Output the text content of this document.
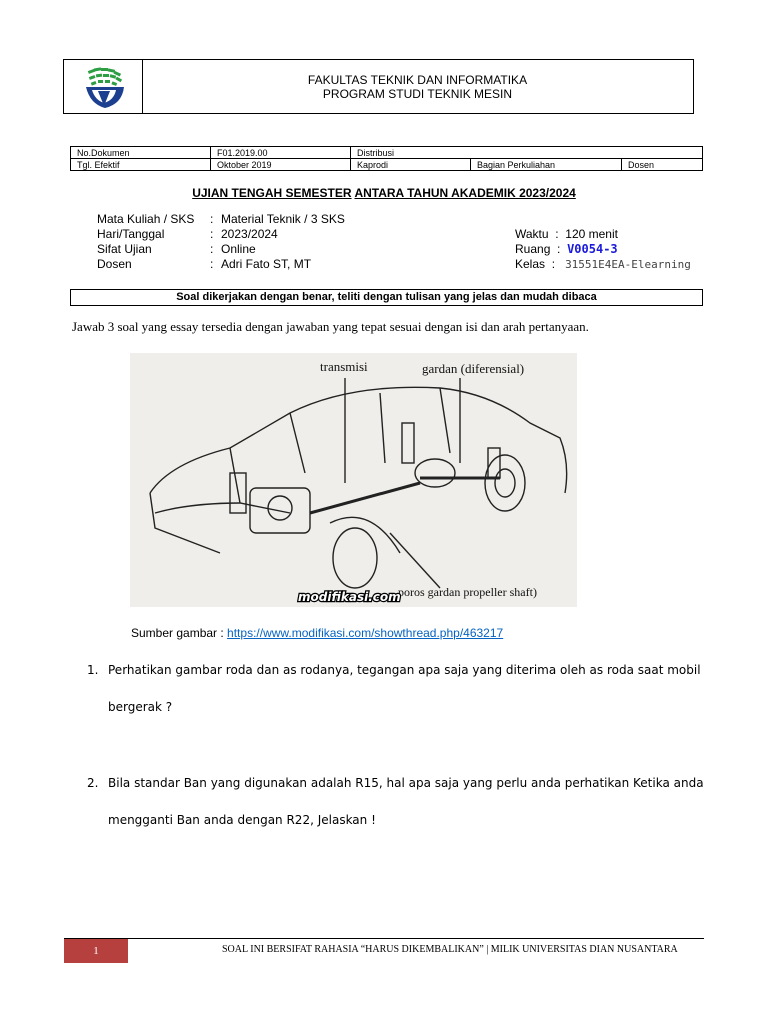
FAKULTAS TEKNIK DAN INFORMATIKA
PROGRAM STUDI TEKNIK MESIN
No.Dokumen	F01.2019.00	Distribusi		
Tgl. Efektif	Oktober 2019	Kaprodi	Bagian Perkuliahan	Dosen
UJIAN TENGAH SEMESTER ANTARA TAHUN AKADEMIK 2023/2024
Mata Kuliah / SKS : Material Teknik / 3 SKS
Hari/Tanggal	: 2023/2024
Sifat Ujian	: Online
Dosen	: Adri Fato ST, MT
Waktu  :  120 menit
Ruang  :  V0054-3
Kelas  :   31551E4EA-Elearning
Soal dikerjakan dengan benar, teliti dengan tulisan yang jelas dan mudah dibaca
Jawab 3 soal yang essay tersedia dengan jawaban yang tepat sesuai dengan isi dan arah pertanyaan.
transmisi	gardan (diferensial)
poros gardan propeller shaft)
modifikasi.com
Sumber gambar : https://www.modifikasi.com/showthread.php/463217
1. Perhatikan gambar roda dan as rodanya, tegangan apa saja yang diterima oleh as roda saat mobil
bergerak ?
2. Bila standar Ban yang digunakan adalah R15, hal apa saja yang perlu anda perhatikan Ketika anda
mengganti Ban anda dengan R22, Jelaskan !
1	SOAL INI BERSIFAT RAHASIA “HARUS DIKEMBALIKAN” | MILIK UNIVERSITAS DIAN NUSANTARA
